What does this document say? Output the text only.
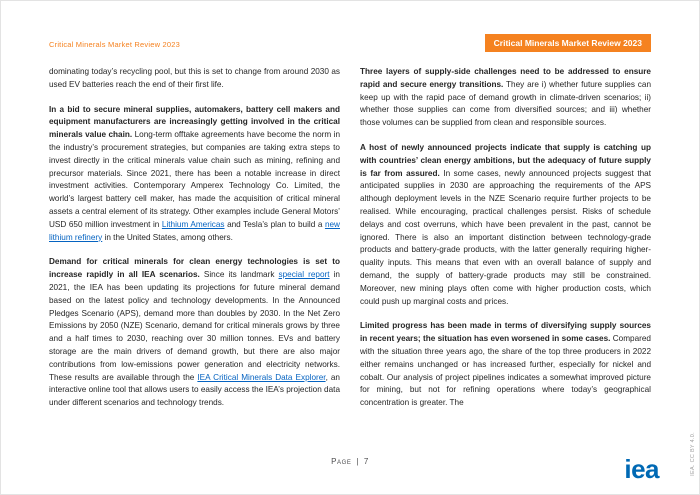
Critical Minerals Market Review 2023	Critical Minerals Market Review 2023

dominating today’s recycling pool, but this is set to change from around 2030 as used EV batteries reach the end of their first life.

In a bid to secure mineral supplies, automakers, battery cell makers and equipment manufacturers are increasingly getting involved in the critical minerals value chain. Long-term offtake agreements have become the norm in the industry’s procurement strategies, but companies are taking extra steps to invest directly in the critical minerals value chain such as mining, refining and precursor materials. Since 2021, there has been a notable increase in direct investment activities. Contemporary Amperex Technology Co. Limited, the world’s largest battery cell maker, has made the acquisition of critical mineral assets a central element of its strategy. Other examples include General Motors’ USD 650 million investment in Lithium Americas and Tesla’s plan to build a new lithium refinery in the United States, among others.

Demand for critical minerals for clean energy technologies is set to increase rapidly in all IEA scenarios. Since its landmark special report in 2021, the IEA has been updating its projections for future mineral demand based on the latest policy and technology developments. In the Announced Pledges Scenario (APS), demand more than doubles by 2030. In the Net Zero Emissions by 2050 (NZE) Scenario, demand for critical minerals grows by three and a half times to 2030, reaching over 30 million tonnes. EVs and battery storage are the main drivers of demand growth, but there are also major contributions from low-emissions power generation and electricity networks. These results are available through the IEA Critical Minerals Data Explorer, an interactive online tool that allows users to easily access the IEA’s projection data under different scenarios and technology trends.

Three layers of supply-side challenges need to be addressed to ensure rapid and secure energy transitions. They are i) whether future supplies can keep up with the rapid pace of demand growth in climate-driven scenarios; ii) whether those supplies can come from diversified sources; and iii) whether those volumes can be supplied from clean and responsible sources.

A host of newly announced projects indicate that supply is catching up with countries’ clean energy ambitions, but the adequacy of future supply is far from assured. In some cases, newly announced projects suggest that anticipated supplies in 2030 are approaching the requirements of the APS although deployment levels in the NZE Scenario require further projects to be realised. While encouraging, practical challenges persist. Risks of schedule delays and cost overruns, which have been prevalent in the past, cannot be ignored. There is also an important distinction between technology-grade products and battery-grade products, with the latter generally requiring higher-quality inputs. This means that even with an overall balance of supply and demand, the supply of battery-grade products may still be constrained. Moreover, new mining plays often come with higher production costs, which could push up marginal costs and prices.

Limited progress has been made in terms of diversifying supply sources in recent years; the situation has even worsened in some cases. Compared with the situation three years ago, the share of the top three producers in 2022 either remains unchanged or has increased further, especially for nickel and cobalt. Our analysis of project pipelines indicates a somewhat improved picture for mining, but not for refining operations where today’s geographical concentration is greater. The

Page | 7	iea	IEA. CC BY 4.0.
